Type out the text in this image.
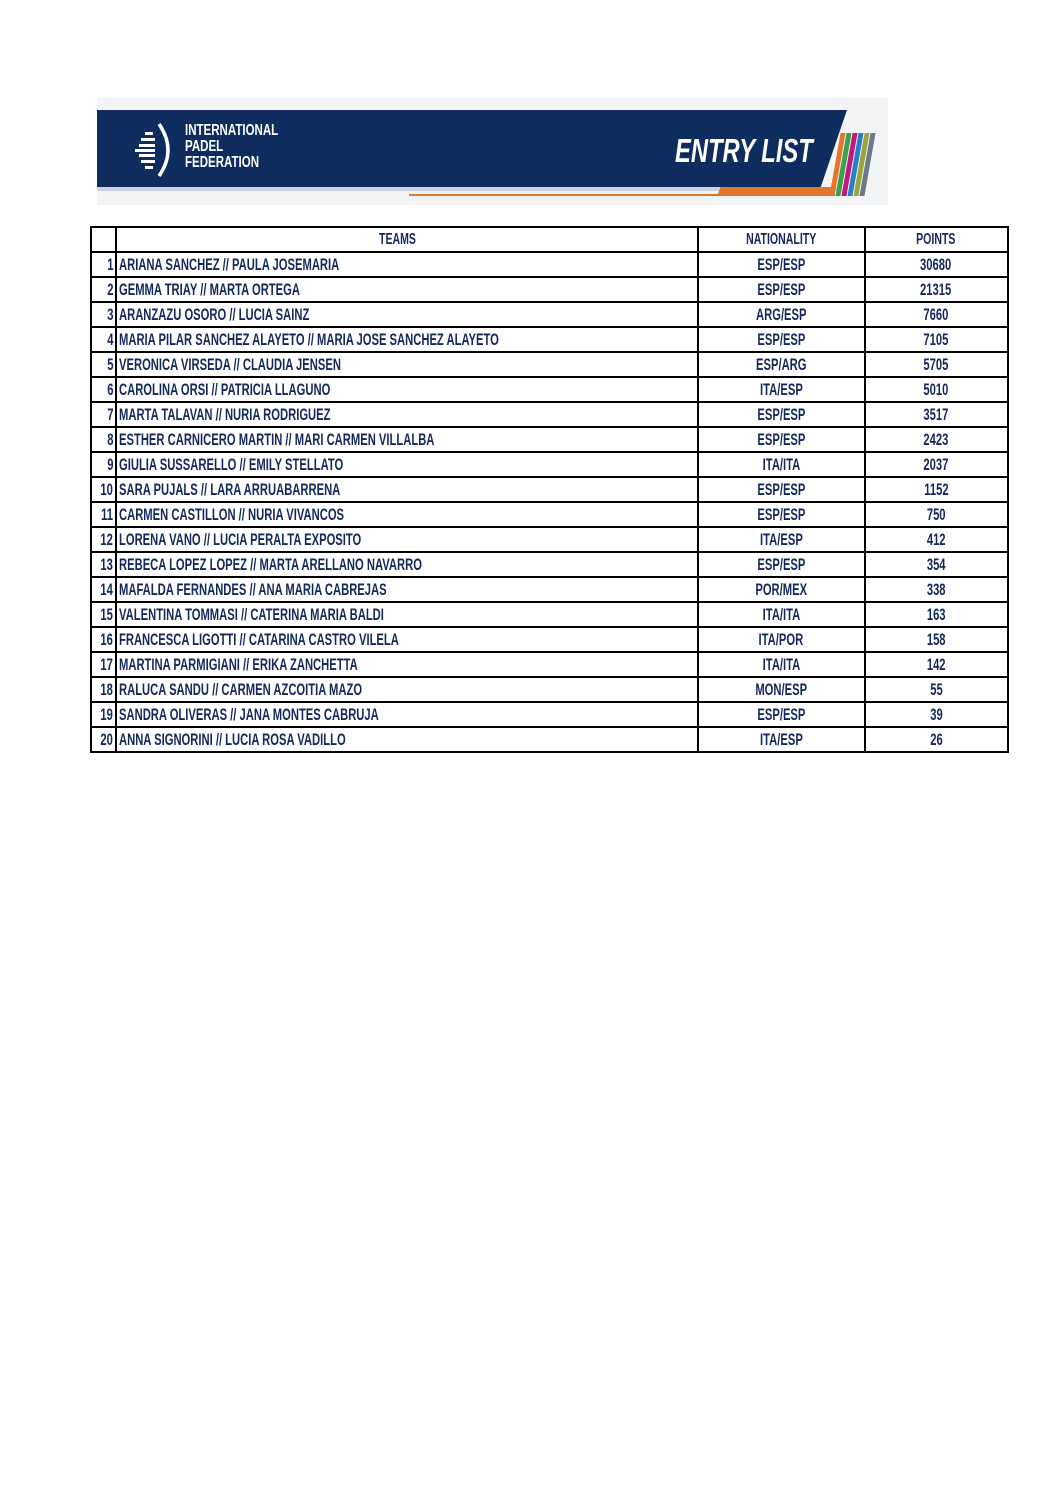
INTERNATIONAL
PADEL
FEDERATION	ENTRY LIST
	TEAMS	NATIONALITY	POINTS
1	ARIANA SANCHEZ // PAULA JOSEMARIA	ESP/ESP	30680
2	GEMMA TRIAY // MARTA ORTEGA	ESP/ESP	21315
3	ARANZAZU OSORO // LUCIA SAINZ	ARG/ESP	7660
4	MARIA PILAR SANCHEZ ALAYETO // MARIA JOSE SANCHEZ ALAYETO	ESP/ESP	7105
5	VERONICA VIRSEDA // CLAUDIA JENSEN	ESP/ARG	5705
6	CAROLINA ORSI // PATRICIA LLAGUNO	ITA/ESP	5010
7	MARTA TALAVAN // NURIA RODRIGUEZ	ESP/ESP	3517
8	ESTHER CARNICERO MARTIN // MARI CARMEN VILLALBA	ESP/ESP	2423
9	GIULIA SUSSARELLO // EMILY STELLATO	ITA/ITA	2037
10	SARA PUJALS // LARA ARRUABARRENA	ESP/ESP	1152
11	CARMEN CASTILLON // NURIA VIVANCOS	ESP/ESP	750
12	LORENA VANO // LUCIA PERALTA EXPOSITO	ITA/ESP	412
13	REBECA LOPEZ LOPEZ // MARTA ARELLANO NAVARRO	ESP/ESP	354
14	MAFALDA FERNANDES // ANA MARIA CABREJAS	POR/MEX	338
15	VALENTINA TOMMASI // CATERINA MARIA BALDI	ITA/ITA	163
16	FRANCESCA LIGOTTI // CATARINA CASTRO VILELA	ITA/POR	158
17	MARTINA PARMIGIANI // ERIKA ZANCHETTA	ITA/ITA	142
18	RALUCA SANDU // CARMEN AZCOITIA MAZO	MON/ESP	55
19	SANDRA OLIVERAS // JANA MONTES CABRUJA	ESP/ESP	39
20	ANNA SIGNORINI // LUCIA ROSA VADILLO	ITA/ESP	26
